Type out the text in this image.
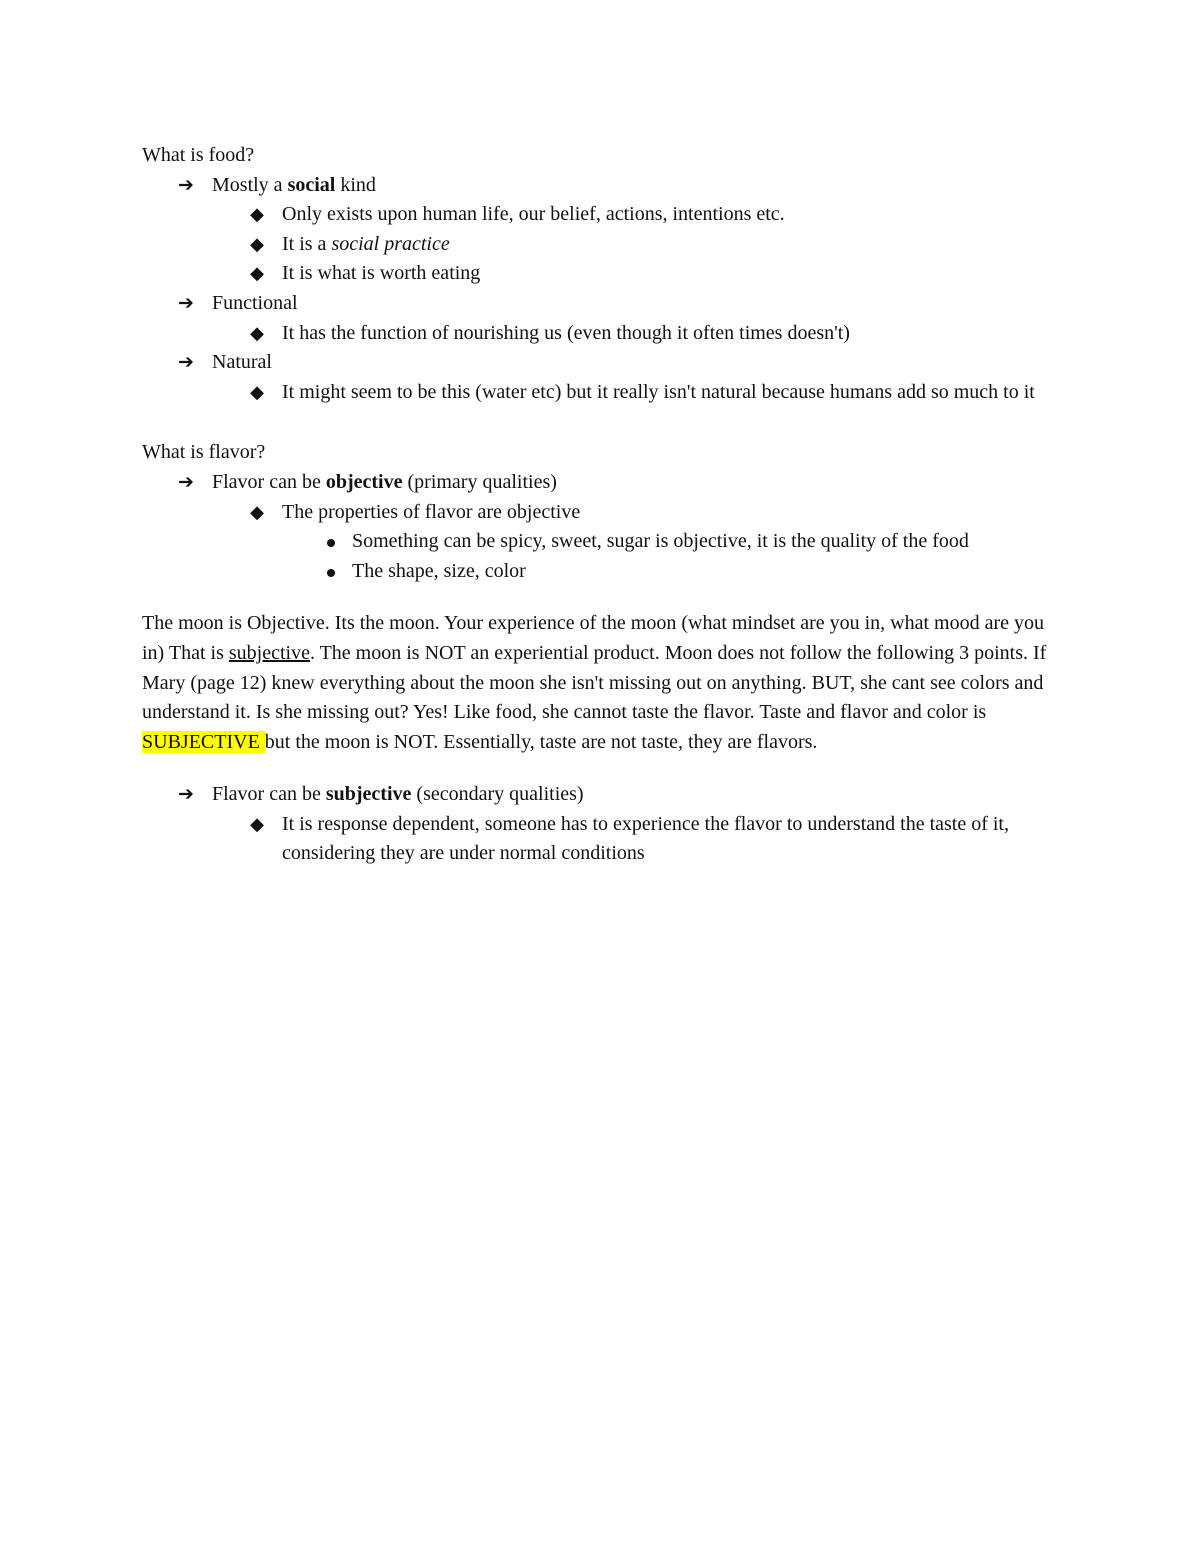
What is food?
➔ Mostly a social kind
◆ Only exists upon human life, our belief, actions, intentions etc.
◆ It is a social practice
◆ It is what is worth eating
➔ Functional
◆ It has the function of nourishing us (even though it often times doesn't)
➔ Natural
◆ It might seem to be this (water etc) but it really isn't natural because humans add so much to it
What is flavor?
➔ Flavor can be objective (primary qualities)
◆ The properties of flavor are objective
Something can be spicy, sweet, sugar is objective, it is the quality of the food
The shape, size, color
The moon is Objective. Its the moon. Your experience of the moon (what mindset are you in, what mood are you in) That is subjective. The moon is NOT an experiential product. Moon does not follow the following 3 points. If Mary (page 12) knew everything about the moon she isn't missing out on anything. BUT, she cant see colors and understand it. Is she missing out? Yes! Like food, she cannot taste the flavor. Taste and flavor and color is SUBJECTIVE but the moon is NOT. Essentially, taste are not taste, they are flavors.
➔ Flavor can be subjective (secondary qualities)
◆ It is response dependent, someone has to experience the flavor to understand the taste of it, considering they are under normal conditions
